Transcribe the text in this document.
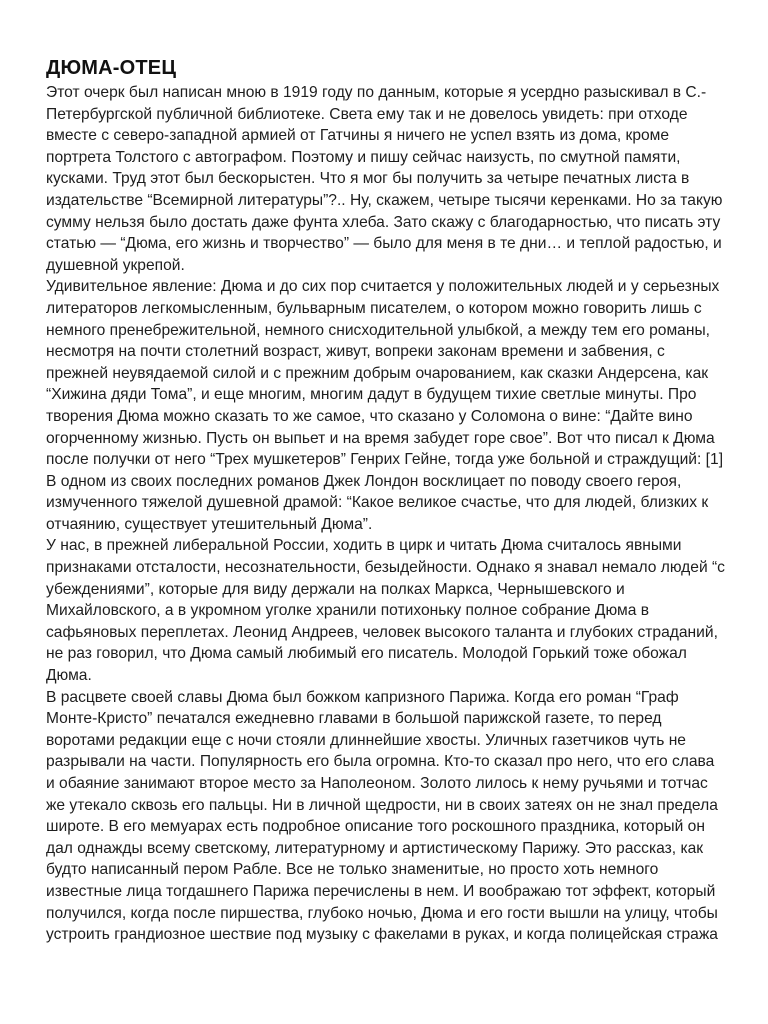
ДЮМА-ОТЕЦ

Этот очерк был написан мною в 1919 году по данным, которые я усердно разыскивал в С.-Петербургской публичной библиотеке. Света ему так и не довелось увидеть: при отходе вместе с северо-западной армией от Гатчины я ничего не успел взять из дома, кроме портрета Толстого с автографом. Поэтому и пишу сейчас наизусть, по смутной памяти, кусками. Труд этот был бескорыстен. Что я мог бы получить за четыре печатных листа в издательстве “Всемирной литературы”?.. Ну, скажем, четыре тысячи керенками. Но за такую сумму нельзя было достать даже фунта хлеба. Зато скажу с благодарностью, что писать эту статью — “Дюма, его жизнь и творчество” — было для меня в те дни… и теплой радостью, и душевной укрепой.

Удивительное явление: Дюма и до сих пор считается у положительных людей и у серьезных литераторов легкомысленным, бульварным писателем, о котором можно говорить лишь с немного пренебрежительной, немного снисходительной улыбкой, а между тем его романы, несмотря на почти столетний возраст, живут, вопреки законам времени и забвения, с прежней неувядаемой силой и с прежним добрым очарованием, как сказки Андерсена, как “Хижина дяди Тома”, и еще многим, многим дадут в будущем тихие светлые минуты. Про творения Дюма можно сказать то же самое, что сказано у Соломона о вине: “Дайте вино огорченному жизнью. Пусть он выпьет и на время забудет горе свое”. Вот что писал к Дюма после получки от него “Трех мушкетеров” Генрих Гейне, тогда уже больной и страждущий: [1]

В одном из своих последних романов Джек Лондон восклицает по поводу своего героя, измученного тяжелой душевной драмой: “Какое великое счастье, что для людей, близких к отчаянию, существует утешительный Дюма”.

У нас, в прежней либеральной России, ходить в цирк и читать Дюма считалось явными признаками отсталости, несознательности, безыдейности. Однако я знавал немало людей “с убеждениями”, которые для виду держали на полках Маркса, Чернышевского и Михайловского, а в укромном уголке хранили потихоньку полное собрание Дюма в сафьяновых переплетах. Леонид Андреев, человек высокого таланта и глубоких страданий, не раз говорил, что Дюма самый любимый его писатель. Молодой Горький тоже обожал Дюма.

В расцвете своей славы Дюма был божком капризного Парижа. Когда его роман “Граф Монте-Кристо” печатался ежедневно главами в большой парижской газете, то перед воротами редакции еще с ночи стояли длиннейшие хвосты. Уличных газетчиков чуть не разрывали на части. Популярность его была огромна. Кто-то сказал про него, что его слава и обаяние занимают второе место за Наполеоном. Золото лилось к нему ручьями и тотчас же утекало сквозь его пальцы. Ни в личной щедрости, ни в своих затеях он не знал предела широте. В его мемуарах есть подробное описание того роскошного праздника, который он дал однажды всему светскому, литературному и артистическому Парижу. Это рассказ, как будто написанный пером Рабле. Все не только знаменитые, но просто хоть немного известные лица тогдашнего Парижа перечислены в нем. И воображаю тот эффект, который получился, когда после пиршества, глубоко ночью, Дюма и его гости вышли на улицу, чтобы устроить грандиозное шествие под музыку с факелами в руках, и когда полицейская стража
